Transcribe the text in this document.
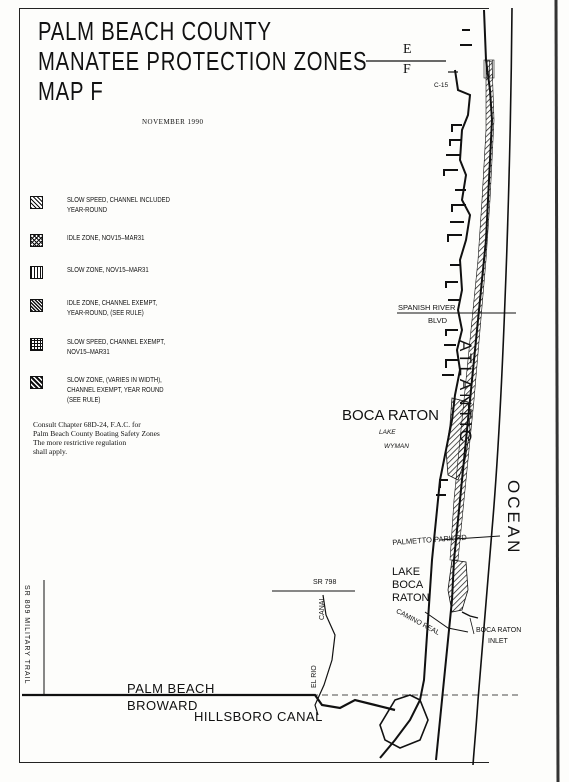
PALM BEACH COUNTY
MANATEE PROTECTION ZONES
MAP F
NOVEMBER 1990
E
F
SLOW SPEED, CHANNEL INCLUDED
YEAR-ROUND
IDLE ZONE, NOV15–MAR31
SLOW ZONE, NOV15–MAR31
IDLE ZONE, CHANNEL EXEMPT,
YEAR-ROUND, (SEE RULE)
SLOW SPEED, CHANNEL EXEMPT,
NOV15–MAR31
SLOW ZONE, (VARIES IN WIDTH),
CHANNEL EXEMPT, YEAR ROUND
(SEE RULE)
Consult Chapter 68D-24, F.A.C. for
Palm Beach County Boating Safety Zones
The more restrictive regulation
shall apply.
C-15
SPANISH RIVER
BLVD
BOCA RATON
LAKE
WYMAN
ATLANTIC
OCEAN
PALMETTO PARK RD
LAKE
BOCA
RATON
CAMINO REAL	BOCA RATON
INLET
SR 798
EL RIO
CANAL
SR 809 MILITARY TRAIL
PALM BEACH
BROWARD
HILLSBORO CANAL
